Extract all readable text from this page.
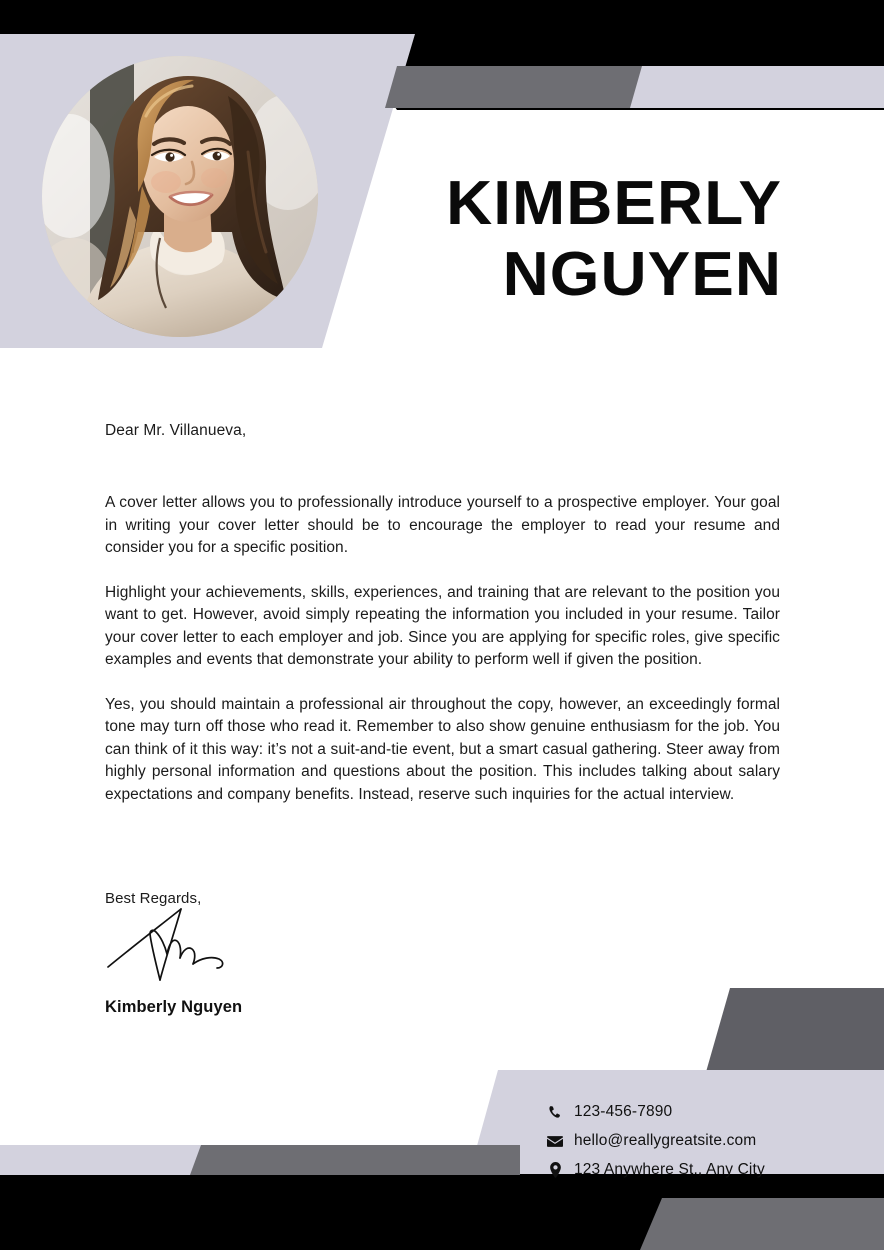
KIMBERLY
NGUYEN

Dear Mr. Villanueva,

A cover letter allows you to professionally introduce yourself to a prospective employer. Your goal in writing your cover letter should be to encourage the employer to read your resume and consider you for a specific position.

Highlight your achievements, skills, experiences, and training that are relevant to the position you want to get. However, avoid simply repeating the information you included in your resume. Tailor your cover letter to each employer and job. Since you are applying for specific roles, give specific examples and events that demonstrate your ability to perform well if given the position.

Yes, you should maintain a professional air throughout the copy, however, an exceedingly formal tone may turn off those who read it. Remember to also show genuine enthusiasm for the job. You can think of it this way: it’s not a suit-and-tie event, but a smart casual gathering. Steer away from highly personal information and questions about the position. This includes talking about salary expectations and company benefits. Instead, reserve such inquiries for the actual interview.

Best Regards,

Kimberly Nguyen
123-456-7890
hello@reallygreatsite.com
123 Anywhere St., Any City
